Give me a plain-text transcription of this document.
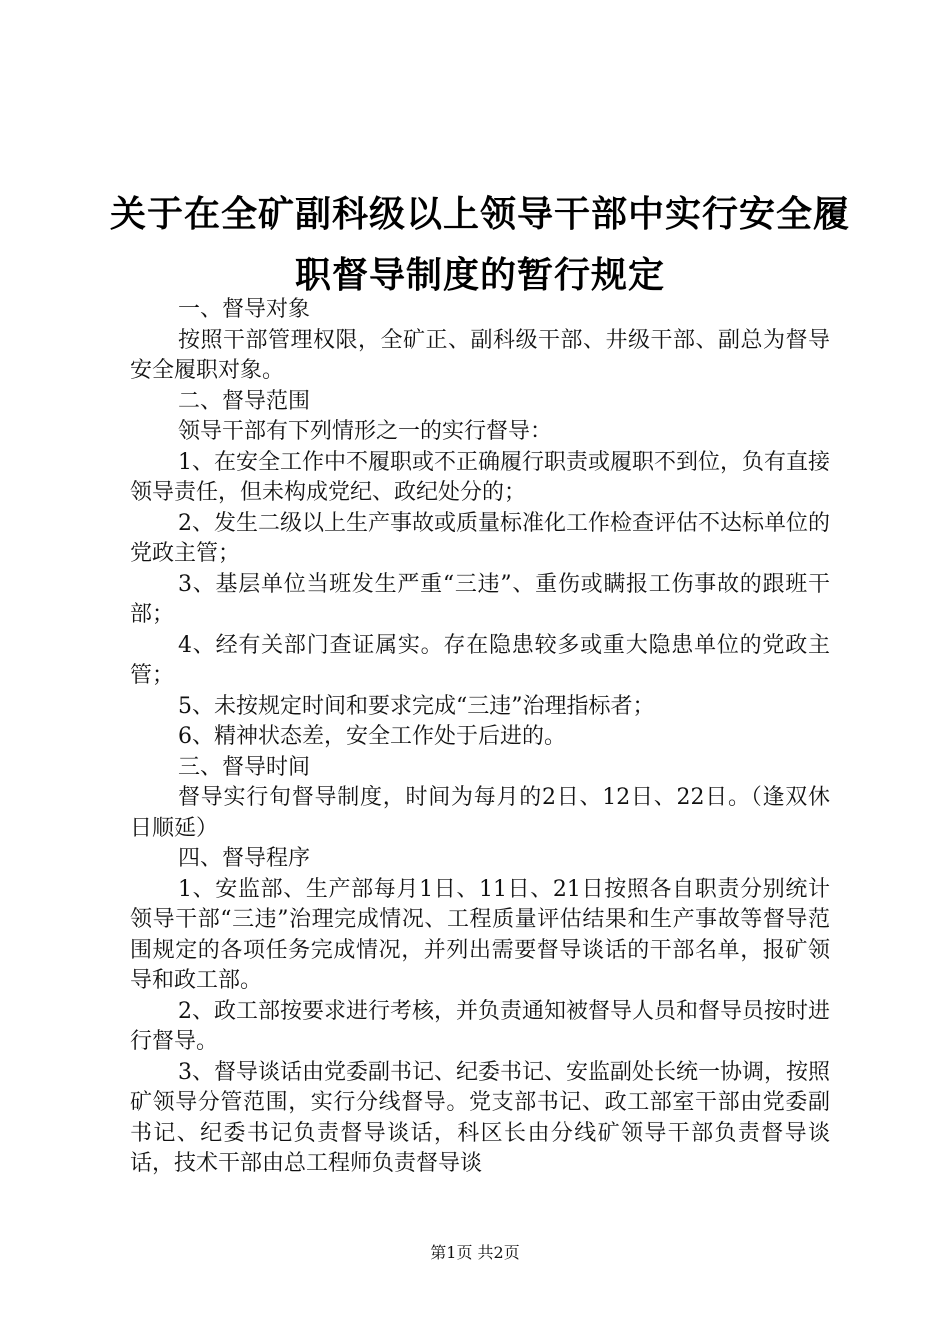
关于在全矿副科级以上领导干部中实行安全履
职督导制度的暂行规定

一、督导对象

按照干部管理权限，全矿正、副科级干部、井级干部、副总为督导安全履职对象。

二、督导范围

领导干部有下列情形之一的实行督导：

1、在安全工作中不履职或不正确履行职责或履职不到位，负有直接领导责任，但未构成党纪、政纪处分的；

2、发生二级以上生产事故或质量标准化工作检查评估不达标单位的党政主管；

3、基层单位当班发生严重“三违”、重伤或瞒报工伤事故的跟班干部；

4、经有关部门查证属实。存在隐患较多或重大隐患单位的党政主管；

5、未按规定时间和要求完成“三违”治理指标者；

6、精神状态差，安全工作处于后进的。

三、督导时间

督导实行旬督导制度，时间为每月的2日、12日、22日。（逢双休日顺延）

四、督导程序

1、安监部、生产部每月1日、11日、21日按照各自职责分别统计领导干部“三违”治理完成情况、工程质量评估结果和生产事故等督导范围规定的各项任务完成情况，并列出需要督导谈话的干部名单，报矿领导和政工部。

2、政工部按要求进行考核，并负责通知被督导人员和督导员按时进行督导。

3、督导谈话由党委副书记、纪委书记、安监副处长统一协调，按照矿领导分管范围，实行分线督导。党支部书记、政工部室干部由党委副书记、纪委书记负责督导谈话，科区长由分线矿领导干部负责督导谈话，技术干部由总工程师负责督导谈

第1页 共2页
